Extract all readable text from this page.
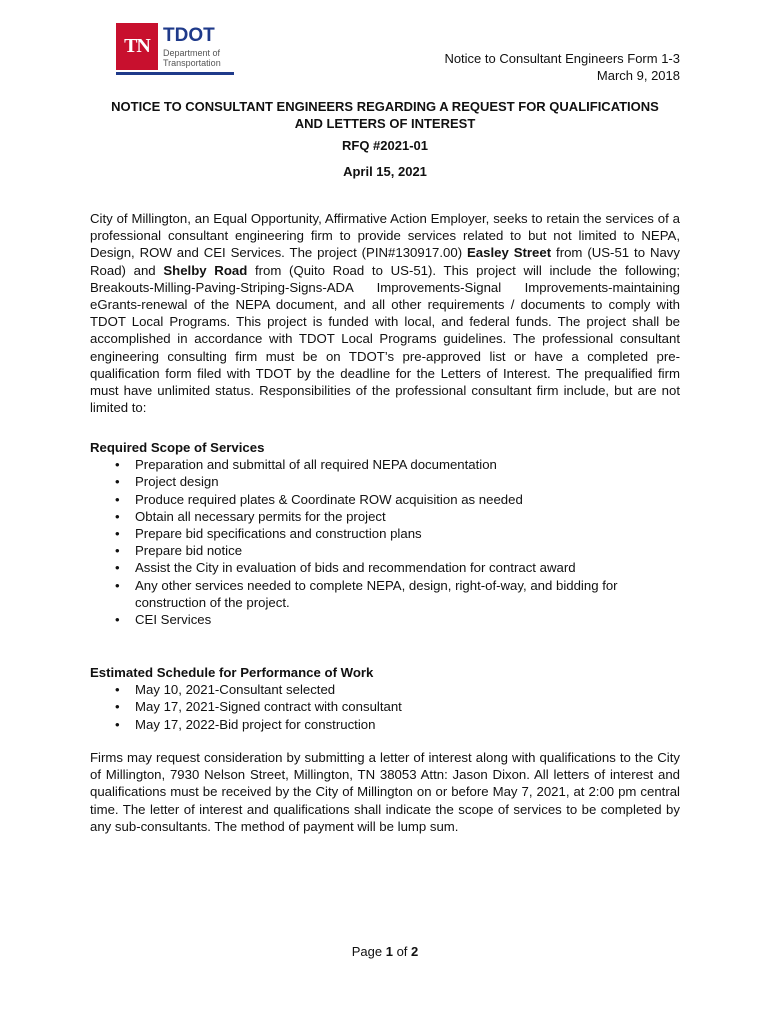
TN TDOT
Department of
Transportation	Notice to Consultant Engineers Form 1-3
March 9, 2018
NOTICE TO CONSULTANT ENGINEERS REGARDING A REQUEST FOR QUALIFICATIONS
AND LETTERS OF INTEREST
RFQ #2021-01
April 15, 2021
City of Millington, an Equal Opportunity, Affirmative Action Employer, seeks to retain the services of a professional consultant engineering firm to provide services related to but not limited to NEPA, Design, ROW and CEI Services. The project (PIN#130917.00) Easley Street from (US-51 to Navy Road) and Shelby Road from (Quito Road to US-51). This project will include the following; Breakouts-Milling-Paving-Striping-Signs-ADA Improvements-Signal Improvements-maintaining eGrants-renewal of the NEPA document, and all other requirements / documents to comply with TDOT Local Programs. This project is funded with local, and federal funds. The project shall be accomplished in accordance with TDOT Local Programs guidelines. The professional consultant engineering consulting firm must be on TDOT’s pre-approved list or have a completed pre-qualification form filed with TDOT by the deadline for the Letters of Interest. The prequalified firm must have unlimited status. Responsibilities of the professional consultant firm include, but are not limited to:
Required Scope of Services
• Preparation and submittal of all required NEPA documentation
• Project design
• Produce required plates & Coordinate ROW acquisition as needed
• Obtain all necessary permits for the project
• Prepare bid specifications and construction plans
• Prepare bid notice
• Assist the City in evaluation of bids and recommendation for contract award
• Any other services needed to complete NEPA, design, right-of-way, and bidding for construction of the project.
• CEI Services
Estimated Schedule for Performance of Work
• May 10, 2021-Consultant selected
• May 17, 2021-Signed contract with consultant
• May 17, 2022-Bid project for construction
Firms may request consideration by submitting a letter of interest along with qualifications to the City of Millington, 7930 Nelson Street, Millington, TN 38053 Attn: Jason Dixon. All letters of interest and qualifications must be received by the City of Millington on or before May 7, 2021, at 2:00 pm central time. The letter of interest and qualifications shall indicate the scope of services to be completed by any sub-consultants. The method of payment will be lump sum.
Page 1 of 2
